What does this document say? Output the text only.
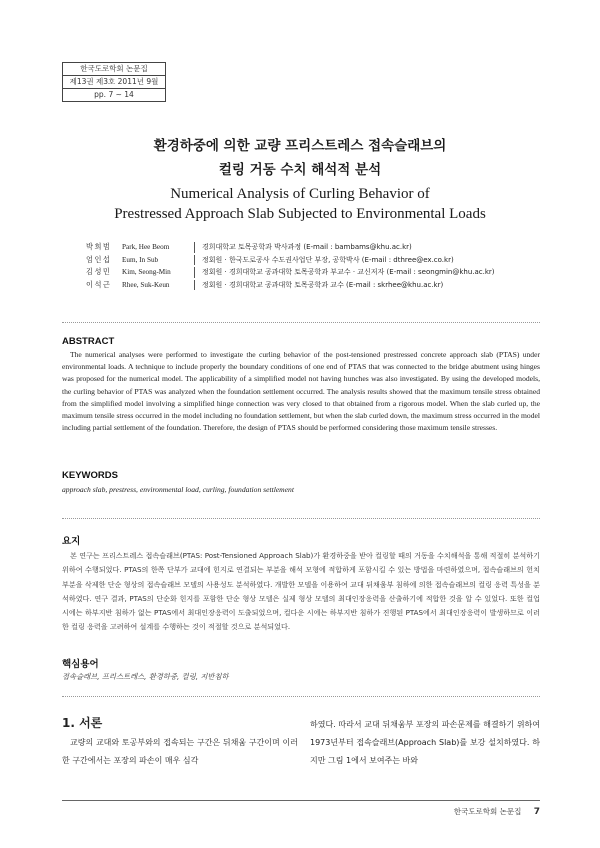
한국도로학회 논문집
제13권 제3호 2011년 9월
pp. 7 ~ 14
환경하중에 의한 교량 프리스트레스 접속슬래브의
컬링 거동 수치 해석적 분석
Numerical Analysis of Curling Behavior of
Prestressed Approach Slab Subjected to Environmental Loads
박희범	Park, Hee Beom	경희대학교 토목공학과 박사과정 (E-mail : bambams@khu.ac.kr)
엄인섭	Eum, In Sub	정회원 · 한국도로공사 수도권사업단 부장, 공학박사 (E-mail : dthree@ex.co.kr)
김성민	Kim, Seong-Min	정회원 · 경희대학교 공과대학 토목공학과 부교수 · 교신저자 (E-mail : seongmin@khu.ac.kr)
이석근	Rhee, Suk-Keun	정회원 · 경희대학교 공과대학 토목공학과 교수 (E-mail : skrhee@khu.ac.kr)
ABSTRACT
The numerical analyses were performed to investigate the curling behavior of the post-tensioned prestressed concrete approach slab (PTAS) under environmental loads. A technique to include properly the boundary conditions of one end of PTAS that was connected to the bridge abutment using hinges was proposed for the numerical model. The applicability of a simplified model not having hunches was also investigated. By using the developed models, the curling behavior of PTAS was analyzed when the foundation settlement occurred. The analysis results showed that the maximum tensile stress obtained from the simplified model involving a simplified hinge connection was very closed to that obtained from a rigorous model. When the slab curled up, the maximum tensile stress occurred in the model including no foundation settlement, but when the slab curled down, the maximum stress occurred in the model including partial settlement of the foundation. Therefore, the design of PTAS should be performed considering those maximum tensile stresses.
KEYWORDS
approach slab, prestress, environmental load, curling, foundation settlement
요지
본 연구는 프리스트레스 접속슬래브(PTAS: Post-Tensioned Approach Slab)가 환경하중을 받아 컬링할 때의 거동을 수치해석을 통해 적절히 분석하기 위하여 수행되었다. PTAS의 한쪽 단부가 교대에 힌지로 연결되는 부분을 해석 모형에 적합하게 포함시킬 수 있는 방법을 마련하였으며, 접속슬래브의 헌치 부분을 삭제한 단순 형상의 접속슬래브 모델의 사용성도 분석하였다. 개발한 모델을 이용하여 교대 뒤채움부 침하에 의한 접속슬래브의 컬링 응력 특성을 분석하였다. 연구 결과, PTAS의 단순화 힌지를 포함한 단순 형상 모델은 실제 형상 모델의 최대인장응력을 산출하기에 적합한 것을 알 수 있었다. 또한 컬업 시에는 하부지반 침하가 없는 PTAS에서 최대인장응력이 도출되었으며, 컬다운 시에는 하부지반 침하가 진행된 PTAS에서 최대인장응력이 발생하므로 이러한 컬링 응력을 고려하여 설계를 수행하는 것이 적절할 것으로 분석되었다.
핵심용어
접속슬래브, 프리스트레스, 환경하중, 컬링, 지반침하
1. 서론
교량의 교대와 토공부와의 접속되는 구간은 뒤채움 구간이며 이러한 구간에서는 포장의 파손이 매우 심각
하였다. 따라서 교대 뒤채움부 포장의 파손문제를 해결하기 위하여 1973년부터 접속슬래브(Approach Slab)를 보강 설치하였다. 하지만 그림 1에서 보여주는 바와
한국도로학회 논문집 7
